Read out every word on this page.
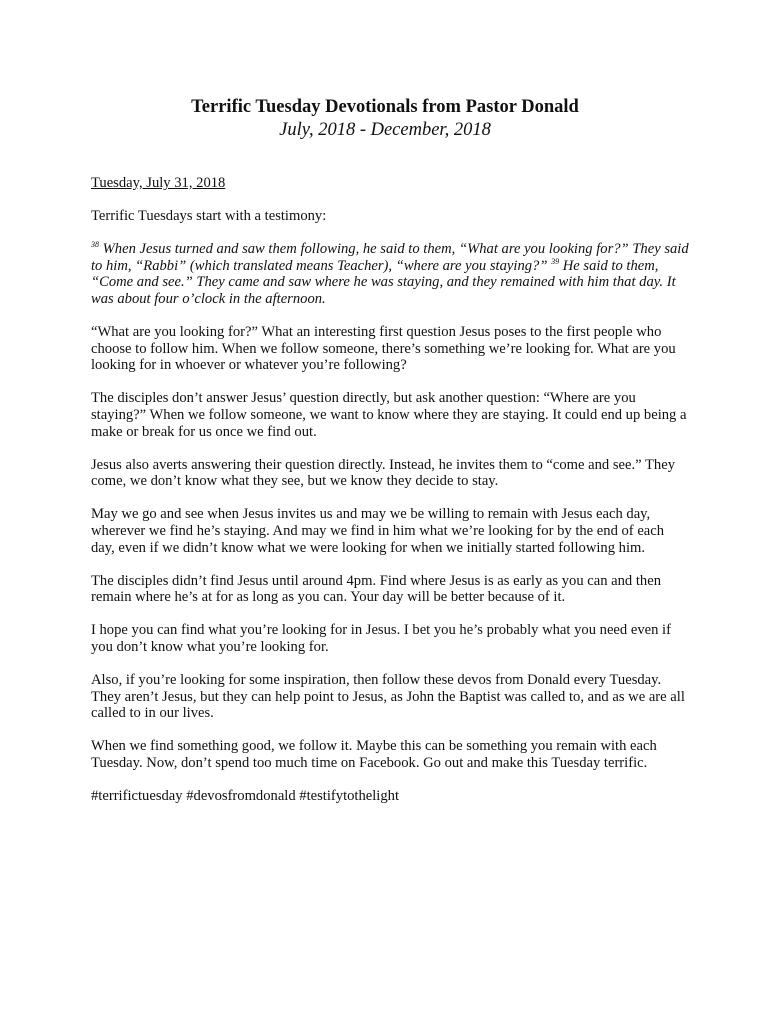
Terrific Tuesday Devotionals from Pastor Donald
July, 2018 - December, 2018

Tuesday, July 31, 2018

Terrific Tuesdays start with a testimony:

$^{38}$ When Jesus turned and saw them following, he said to them, “What are you looking for?” They said to him, “Rabbi” (which translated means Teacher), “where are you staying?” $^{39}$ He said to them, “Come and see.” They came and saw where he was staying, and they remained with him that day. It was about four o’clock in the afternoon.

“What are you looking for?” What an interesting first question Jesus poses to the first people who choose to follow him. When we follow someone, there’s something we’re looking for. What are you looking for in whoever or whatever you’re following?

The disciples don’t answer Jesus’ question directly, but ask another question: “Where are you staying?” When we follow someone, we want to know where they are staying. It could end up being a make or break for us once we find out.

Jesus also averts answering their question directly. Instead, he invites them to “come and see.” They come, we don’t know what they see, but we know they decide to stay.

May we go and see when Jesus invites us and may we be willing to remain with Jesus each day, wherever we find he’s staying. And may we find in him what we’re looking for by the end of each day, even if we didn’t know what we were looking for when we initially started following him.

The disciples didn’t find Jesus until around 4pm. Find where Jesus is as early as you can and then remain where he’s at for as long as you can. Your day will be better because of it.

I hope you can find what you’re looking for in Jesus. I bet you he’s probably what you need even if you don’t know what you’re looking for.

Also, if you’re looking for some inspiration, then follow these devos from Donald every Tuesday. They aren’t Jesus, but they can help point to Jesus, as John the Baptist was called to, and as we are all called to in our lives.

When we find something good, we follow it. Maybe this can be something you remain with each Tuesday. Now, don’t spend too much time on Facebook. Go out and make this Tuesday terrific.

#terrifictuesday #devosfromdonald #testifytothelight
